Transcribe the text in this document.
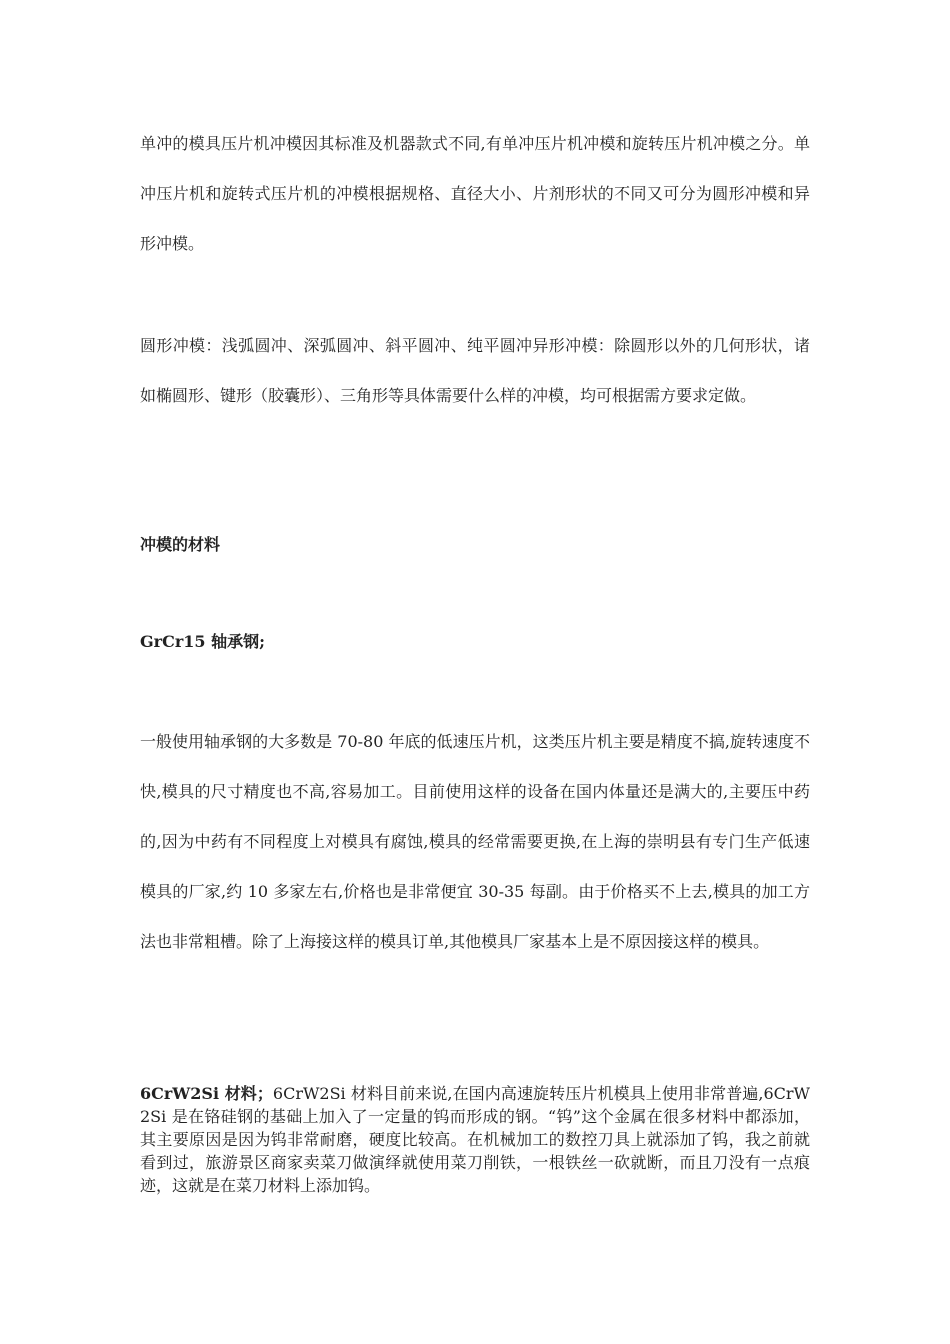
单冲的模具压片机冲模因其标准及机器款式不同,有单冲压片机冲模和旋转压片机冲模之分。单冲压片机和旋转式压片机的冲模根据规格、直径大小、片剂形状的不同又可分为圆形冲模和异形冲模。

圆形冲模：浅弧圆冲、深弧圆冲、斜平圆冲、纯平圆冲异形冲模：除圆形以外的几何形状，诸如椭圆形、键形（胶囊形）、三角形等具体需要什么样的冲模，均可根据需方要求定做。

冲模的材料

GrCr15 轴承钢;

一般使用轴承钢的大多数是 70-80 年底的低速压片机，这类压片机主要是精度不搞,旋转速度不快,模具的尺寸精度也不高,容易加工。目前使用这样的设备在国内体量还是满大的,主要压中药的,因为中药有不同程度上对模具有腐蚀,模具的经常需要更换,在上海的崇明县有专门生产低速模具的厂家,约 10 多家左右,价格也是非常便宜 30-35 每副。由于价格买不上去,模具的加工方法也非常粗槽。除了上海接这样的模具订单,其他模具厂家基本上是不原因接这样的模具。

6CrW2Si 材料；6CrW2Si 材料目前来说,在国内高速旋转压片机模具上使用非常普遍,6CrW2Si 是在铬硅钢的基础上加入了一定量的钨而形成的钢。“钨”这个金属在很多材料中都添加，其主要原因是因为钨非常耐磨，硬度比较高。在机械加工的数控刀具上就添加了钨，我之前就看到过，旅游景区商家卖菜刀做演绎就使用菜刀削铁，一根铁丝一砍就断，而且刀没有一点痕迹，这就是在菜刀材料上添加钨。
